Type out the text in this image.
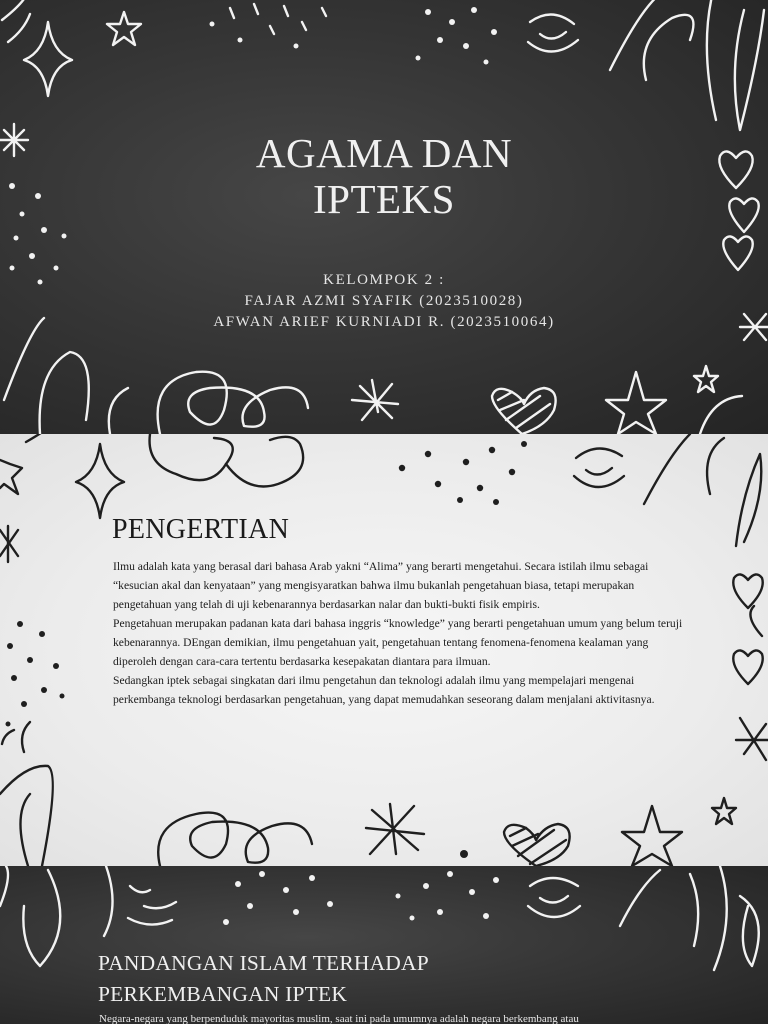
AGAMA DAN
IPTEKS
KELOMPOK 2 :
FAJAR AZMI SYAFIK (2023510028)
AFWAN ARIEF KURNIADI R. (2023510064)
PENGERTIAN

Ilmu adalah kata yang berasal dari bahasa Arab yakni “Alima” yang berarti mengetahui. Secara istilah ilmu sebagai “kesucian akal dan kenyataan” yang mengisyaratkan bahwa ilmu bukanlah pengetahuan biasa, tetapi merupakan pengetahuan yang telah di uji kebenarannya berdasarkan nalar dan bukti-bukti fisik empiris.

Pengetahuan merupakan padanan kata dari bahasa inggris “knowledge” yang berarti pengetahuan umum yang belum teruji kebenarannya. DEngan demikian, ilmu pengetahuan yait, pengetahuan tentang fenomena-fenomena kealaman yang diperoleh dengan cara-cara tertentu berdasarka kesepakatan diantara para ilmuan.

Sedangkan iptek sebagai singkatan dari ilmu pengetahun dan teknologi adalah ilmu yang mempelajari mengenai perkembanga teknologi berdasarkan pengetahuan, yang dapat memudahkan seseorang dalam menjalani aktivitasnya.

PANDANGAN ISLAM TERHADAP
PERKEMBANGAN IPTEK
Negara-negara yang berpenduduk mayoritas muslim, saat ini pada umumnya adalah negara berkembang atau
